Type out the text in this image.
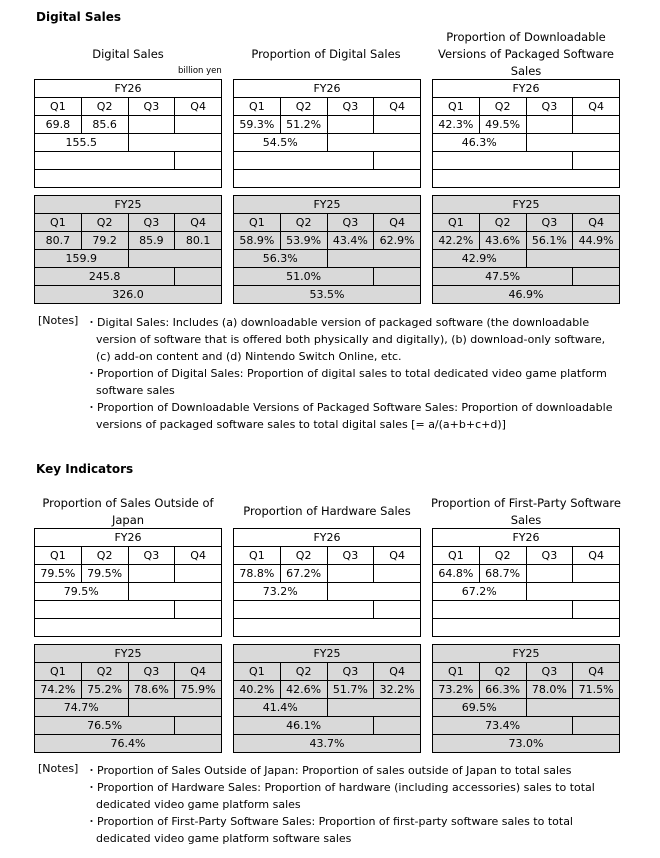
Digital Sales
Digital Sales	Proportion of Digital Sales
Proportion of Downloadable Versions of Packaged Software Sales
billion yen
FY26			
Q1	Q2	Q3	Q4
69.8	85.6		
155.5			

FY26			
Q1	Q2	Q3	Q4
59.3%	51.2%		
54.5%			

FY26			
Q1	Q2	Q3	Q4
42.3%	49.5%		
46.3%			

FY25			
Q1	Q2	Q3	Q4
80.7	79.2	85.9	80.1
159.9			
245.8			
326.0			
FY25			
Q1	Q2	Q3	Q4
58.9%	53.9%	43.4%	62.9%
56.3%			
51.0%			
53.5%			
FY25			
Q1	Q2	Q3	Q4
42.2%	43.6%	56.1%	44.9%
42.9%			
47.5%			
46.9%			
[Notes] ・Digital Sales: Includes (a) downloadable version of packaged software (the downloadable version of software that is offered both physically and digitally), (b) download-only software, (c) add-on content and (d) Nintendo Switch Online, etc.
・Proportion of Digital Sales: Proportion of digital sales to total dedicated video game platform software sales
・Proportion of Downloadable Versions of Packaged Software Sales: Proportion of downloadable versions of packaged software sales to total digital sales [= a/(a+b+c+d)]
Key Indicators
Proportion of Sales Outside of Japan
Proportion of Hardware Sales
Proportion of First-Party Software Sales
FY26			
Q1	Q2	Q3	Q4
79.5%	79.5%		
79.5%			

FY26			
Q1	Q2	Q3	Q4
78.8%	67.2%		
73.2%			

FY26			
Q1	Q2	Q3	Q4
64.8%	68.7%		
67.2%			

FY25			
Q1	Q2	Q3	Q4
74.2%	75.2%	78.6%	75.9%
74.7%			
76.5%			
76.4%			
FY25			
Q1	Q2	Q3	Q4
40.2%	42.6%	51.7%	32.2%
41.4%			
46.1%			
43.7%			
FY25			
Q1	Q2	Q3	Q4
73.2%	66.3%	78.0%	71.5%
69.5%			
73.4%			
73.0%			
[Notes] ・Proportion of Sales Outside of Japan: Proportion of sales outside of Japan to total sales
・Proportion of Hardware Sales: Proportion of hardware (including accessories) sales to total dedicated video game platform sales
・Proportion of First-Party Software Sales: Proportion of first-party software sales to total dedicated video game platform software sales
